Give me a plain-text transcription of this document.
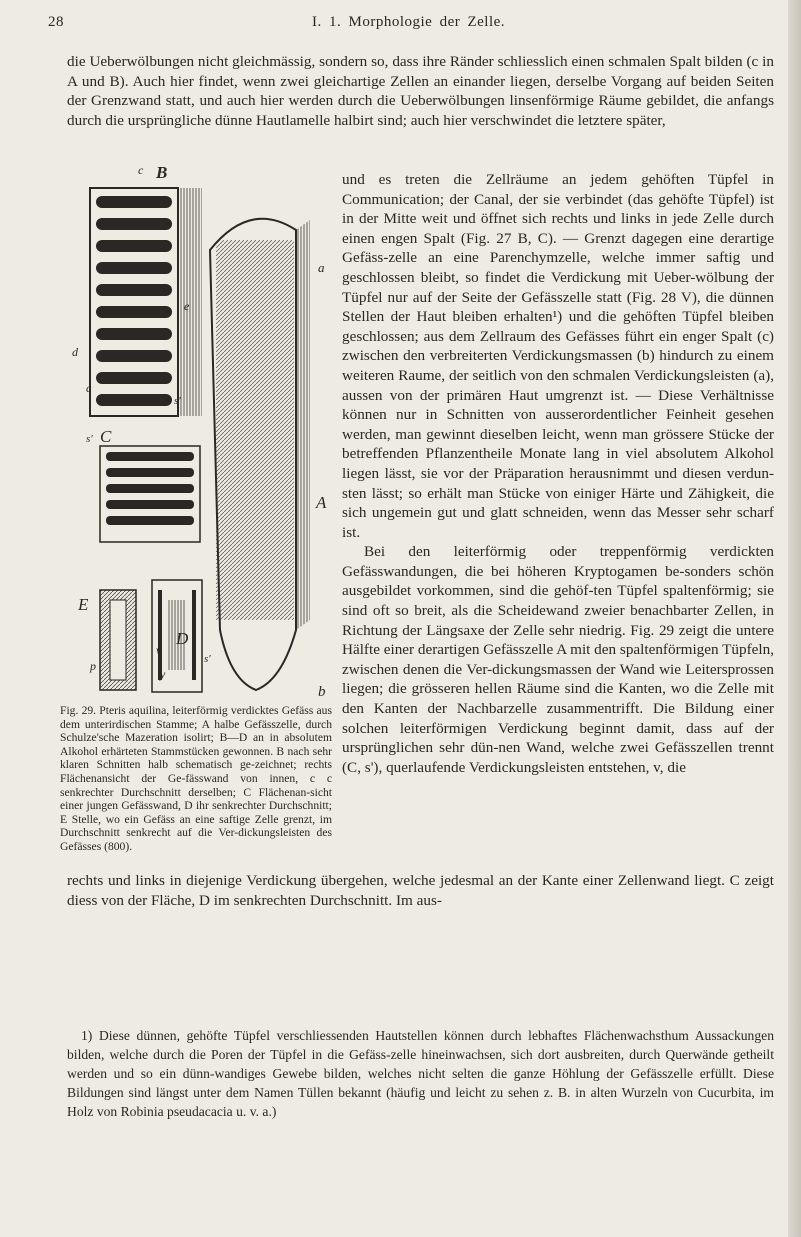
28	I. 1. Morphologie der Zelle.

die Ueberwölbungen nicht gleichmässig, sondern so, dass ihre Ränder schliesslich einen schmalen Spalt bilden (c in A und B). Auch hier findet, wenn zwei gleichartige Zellen an einander liegen, derselbe Vorgang auf beiden Seiten der Grenzwand statt, und auch hier werden durch die Ueberwölbungen linsenförmige Räume gebildet, die anfangs durch die ursprüngliche dünne Hautlamelle halbirt sind; auch hier verschwindet die letztere später,

c B
a
e
d
c
s'
s' C
A
E
D
v
p
y
s'
b
Fig. 29. Pteris aquilina, leiterförmig verdicktes Gefäss aus dem unterirdischen Stamme; A halbe Gefässzelle, durch Schulze'sche Mazeration isolirt; B—D an in absolutem Alkohol erhärteten Stammstücken gewonnen. B nach sehr klaren Schnitten halb schematisch ge-zeichnet; rechts Flächenansicht der Ge-fässwand von innen, c c senkrechter Durchschnitt derselben; C Flächenan-sicht einer jungen Gefässwand, D ihr senkrechter Durchschnitt; E Stelle, wo ein Gefäss an eine saftige Zelle grenzt, im Durchschnitt senkrecht auf die Ver-dickungsleisten des Gefässes (800).

und es treten die Zellräume an jedem gehöften Tüpfel in Communication; der Canal, der sie verbindet (das gehöfte Tüpfel) ist in der Mitte weit und öffnet sich rechts und links in jede Zelle durch einen engen Spalt (Fig. 27 B, C). — Grenzt dagegen eine derartige Gefäss-zelle an eine Parenchymzelle, welche immer saftig und geschlossen bleibt, so findet die Verdickung mit Ueber-wölbung der Tüpfel nur auf der Seite der Gefässzelle statt (Fig. 28 V), die dünnen Stellen der Haut bleiben erhalten¹) und die gehöften Tüpfel bleiben geschlossen; aus dem Zellraum des Gefässes führt ein enger Spalt (c) zwischen den verbreiterten Verdickungsmassen (b) hindurch zu einem weiteren Raume, der seitlich von den schmalen Verdickungsleisten (a), aussen von der primären Haut umgrenzt ist. — Diese Verhältnisse können nur in Schnitten von ausserordentlicher Feinheit gesehen werden, man gewinnt dieselben leicht, wenn man grössere Stücke der betreffenden Pflanzentheile Monate lang in viel absolutem Alkohol liegen lässt, sie vor der Präparation herausnimmt und diesen verdun-sten lässt; so erhält man Stücke von einiger Härte und Zähigkeit, die sich ungemein gut und glatt schneiden, wenn das Messer sehr scharf ist.

Bei den leiterförmig oder treppenförmig verdickten Gefässwandungen, die bei höheren Kryptogamen be-sonders schön ausgebildet vorkommen, sind die gehöf-ten Tüpfel spaltenförmig; sie sind oft so breit, als die Scheidewand zweier benachbarter Zellen, in Richtung der Längsaxe der Zelle sehr niedrig. Fig. 29 zeigt die untere Hälfte einer derartigen Gefässzelle A mit den spaltenförmigen Tüpfeln, zwischen denen die Ver-dickungsmassen der Wand wie Leitersprossen liegen; die grösseren hellen Räume sind die Kanten, wo die Zelle mit den Kanten der Nachbarzelle zusammentrifft. Die Bildung einer solchen leiterförmigen Verdickung beginnt damit, dass auf der ursprünglichen sehr dün-nen Wand, welche zwei Gefässzellen trennt (C, s'), querlaufende Verdickungsleisten entstehen, v, die

rechts und links in diejenige Verdickung übergehen, welche jedesmal an der Kante einer Zellenwand liegt. C zeigt diess von der Fläche, D im senkrechten Durchschnitt. Im aus-

1) Diese dünnen, gehöfte Tüpfel verschliessenden Hautstellen können durch lebhaftes Flächenwachsthum Aussackungen bilden, welche durch die Poren der Tüpfel in die Gefäss-zelle hineinwachsen, sich dort ausbreiten, durch Querwände getheilt werden und so ein dünn-wandiges Gewebe bilden, welches nicht selten die ganze Höhlung der Gefässzelle erfüllt. Diese Bildungen sind längst unter dem Namen Tüllen bekannt (häufig und leicht zu sehen z. B. in alten Wurzeln von Cucurbita, im Holz von Robinia pseudacacia u. v. a.)
